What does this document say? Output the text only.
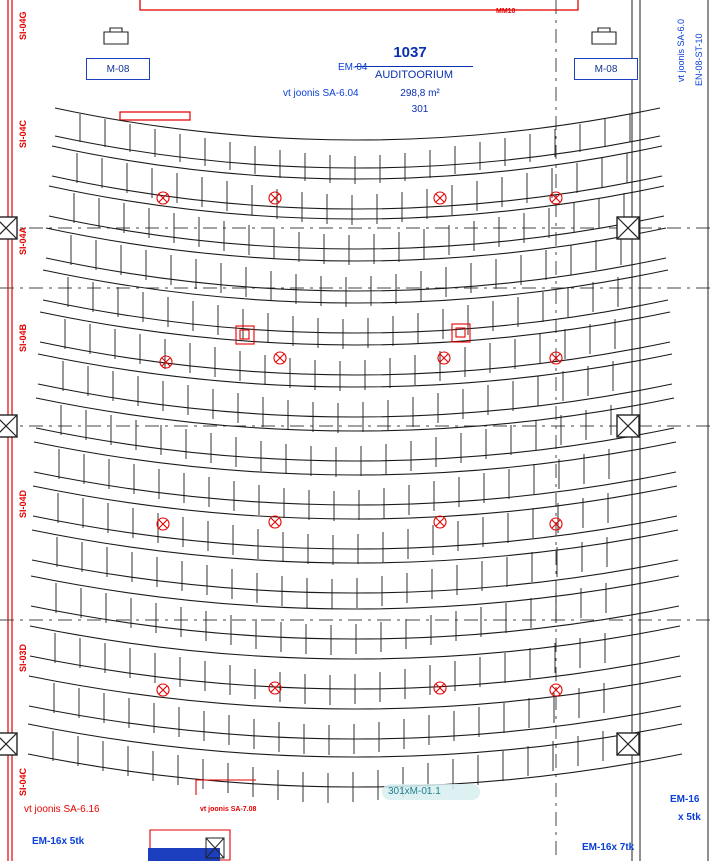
MM10
1037
AUDITOORIUM
298,8 m²
301
EM-04
vt joonis SA-6.04
M-08	M-08	vt joonis SA-6.0 EN-08-ST-10
SI-04G
SI-04C
SI-04A
SI-04B
SI-04D
SI-03D
SI-04C	301xM-01.1
vt joonis SA-6.16	vt joonis SA-7.08
EM-16x 5tk
EM-16x 7tk
EM-16
x 5tk
